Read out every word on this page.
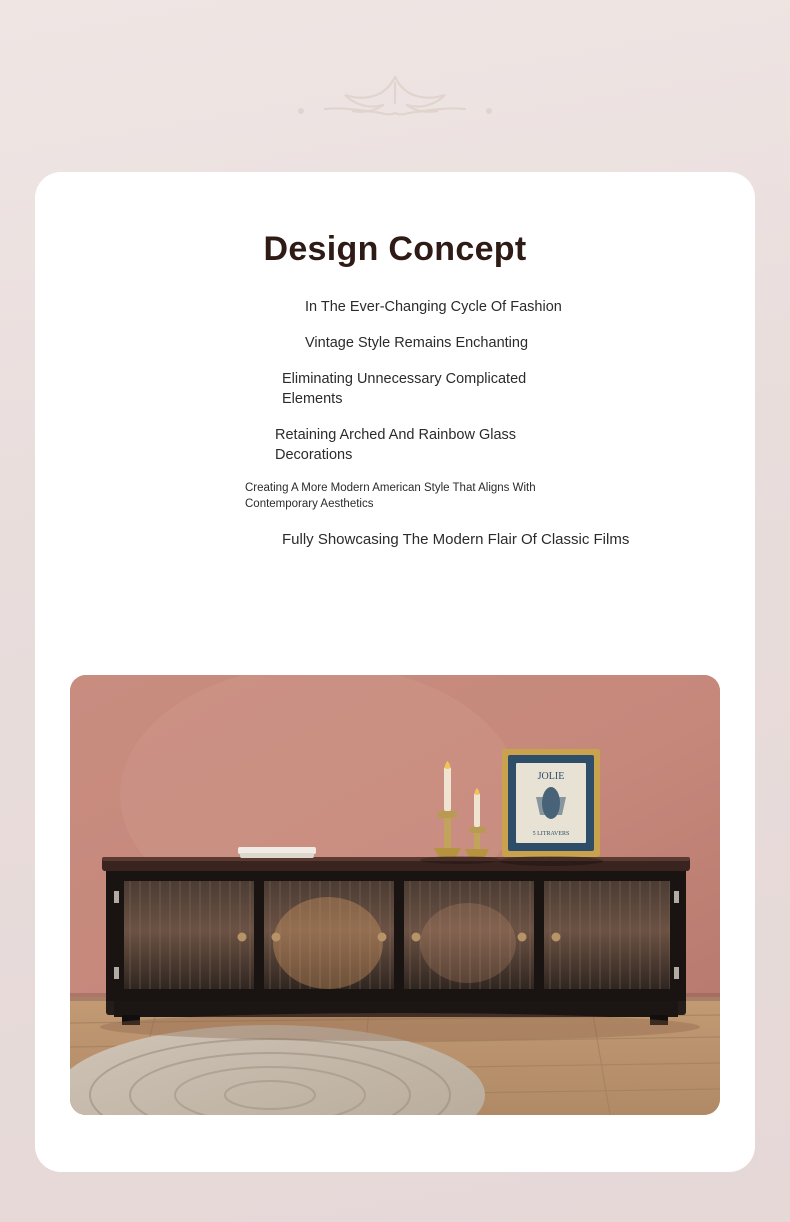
Design Concept

In The Ever-Changing Cycle Of Fashion

Vintage Style Remains Enchanting

Eliminating Unnecessary Complicated Elements

Retaining Arched And Rainbow Glass Decorations

Creating A More Modern American Style That Aligns With Contemporary Aesthetics

Fully Showcasing The Modern Flair Of Classic Films

JOLIE
5 LITRAVERS
